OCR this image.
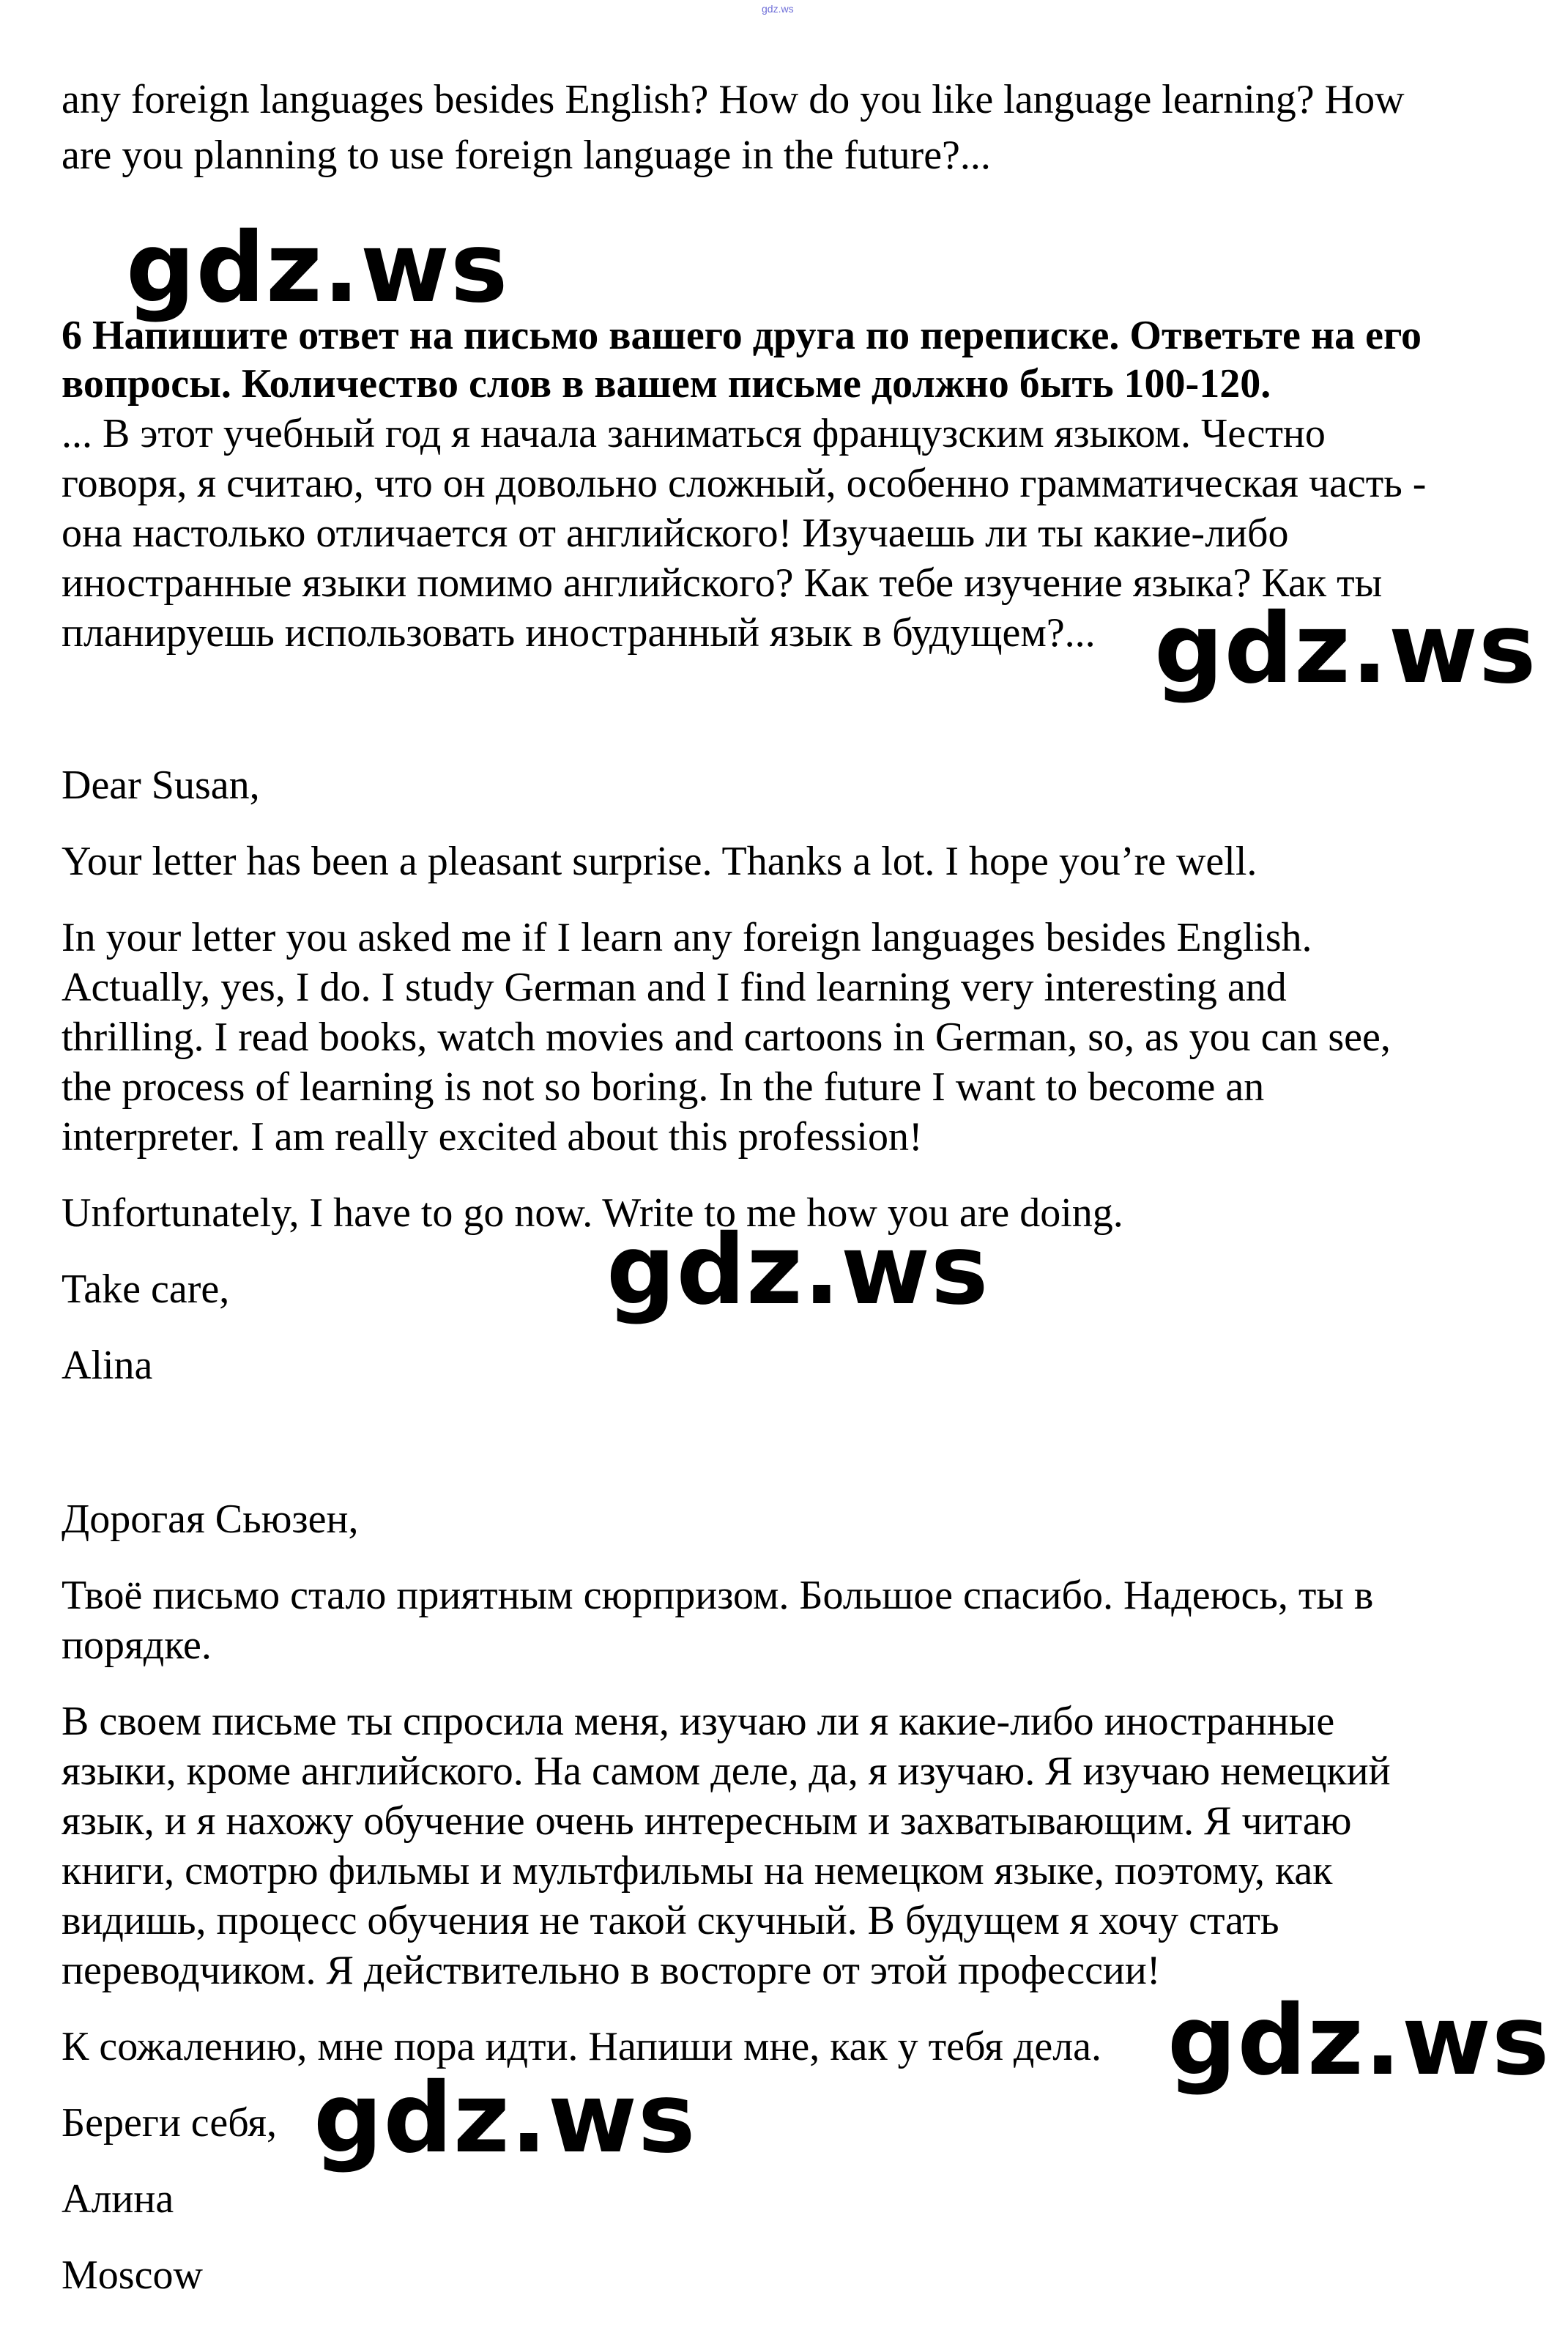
gdz.ws

any foreign languages besides English? How do you like language learning? How

are you planning to use foreign language in the future?...

6 Напишите ответ на письмо вашего друга по переписке. Ответьте на его

вопросы. Количество слов в вашем письме должно быть 100-120.

... В этот учебный год я начала заниматься французским языком. Честно

говоря, я считаю, что он довольно сложный, особенно грамматическая часть -

она настолько отличается от английского! Изучаешь ли ты какие-либо

иностранные языки помимо английского? Как тебе изучение языка? Как ты

планируешь использовать иностранный язык в будущем?...

Dear Susan,

Your letter has been a pleasant surprise. Thanks a lot. I hope you’re well.

In your letter you asked me if I learn any foreign languages besides English.

Actually, yes, I do. I study German and I find learning very interesting and

thrilling. I read books, watch movies and cartoons in German, so, as you can see,

the process of learning is not so boring. In the future I want to become an

interpreter. I am really excited about this profession!

Unfortunately, I have to go now. Write to me how you are doing.

Take care,

Alina

Дорогая Сьюзен,

Твоё письмо стало приятным сюрпризом. Большое спасибо. Надеюсь, ты в

порядке.

В своем письме ты спросила меня, изучаю ли я какие-либо иностранные

языки, кроме английского. На самом деле, да, я изучаю. Я изучаю немецкий

язык, и я нахожу обучение очень интересным и захватывающим. Я читаю

книги, смотрю фильмы и мультфильмы на немецком языке, поэтому, как

видишь, процесс обучения не такой скучный. В будущем я хочу стать

переводчиком. Я действительно в восторге от этой профессии!

К сожалению, мне пора идти. Напиши мне, как у тебя дела.

Береги себя,

Алина

Moscow

gdz.ws
gdz.ws
gdz.ws
gdz.ws
gdz.ws
